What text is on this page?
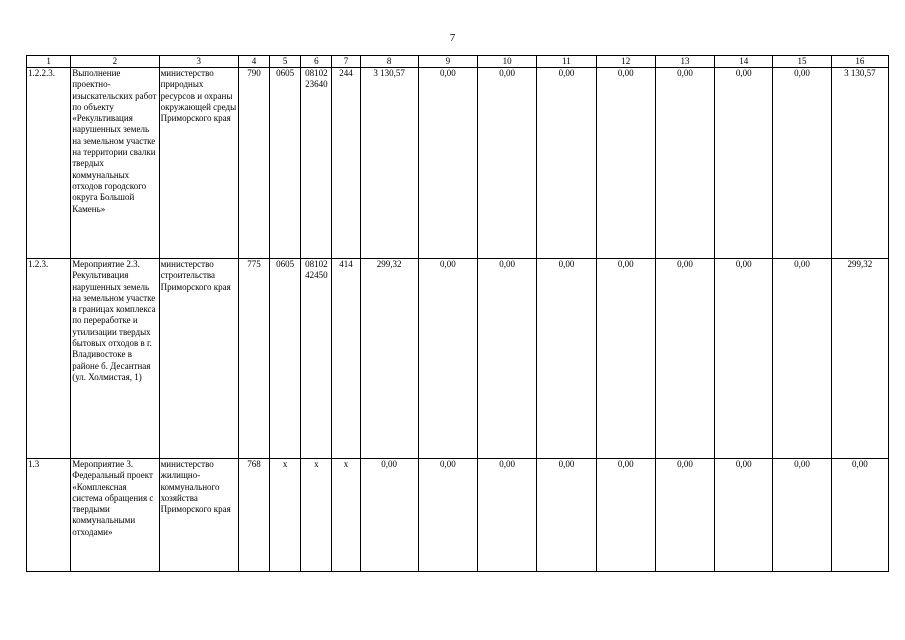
7
1	2	3	4	5	6	7	8	9	10	11	12	13	14	15	16
1.2.2.3.	Выполнение проектно-изыскательских работ по объекту «Рекультивация нарушенных земель на земельном участке на территории свалки твердых коммунальных отходов городского округа Большой Камень»	министерство природных ресурсов и охраны окружающей среды Приморского края	790	0605	08102 23640	244	3 130,57	0,00	0,00	0,00	0,00	0,00	0,00	0,00	3 130,57
1.2.3.	Мероприятие 2.3. Рекультивация нарушенных земель на земельном участке в границах комплекса по переработке и утилизации твердых бытовых отходов в г. Владивостоке в районе б. Десантная (ул. Холмистая, 1)	министерство строительства Приморского края	775	0605	08102 42450	414	299,32	0,00	0,00	0,00	0,00	0,00	0,00	0,00	299,32
1.3	Мероприятие 3. Федеральный проект «Комплексная система обращения с твердыми коммунальными отходами»	министерство жилищно-коммунального хозяйства Приморского края	768	x	x	x	0,00	0,00	0,00	0,00	0,00	0,00	0,00	0,00	0,00
